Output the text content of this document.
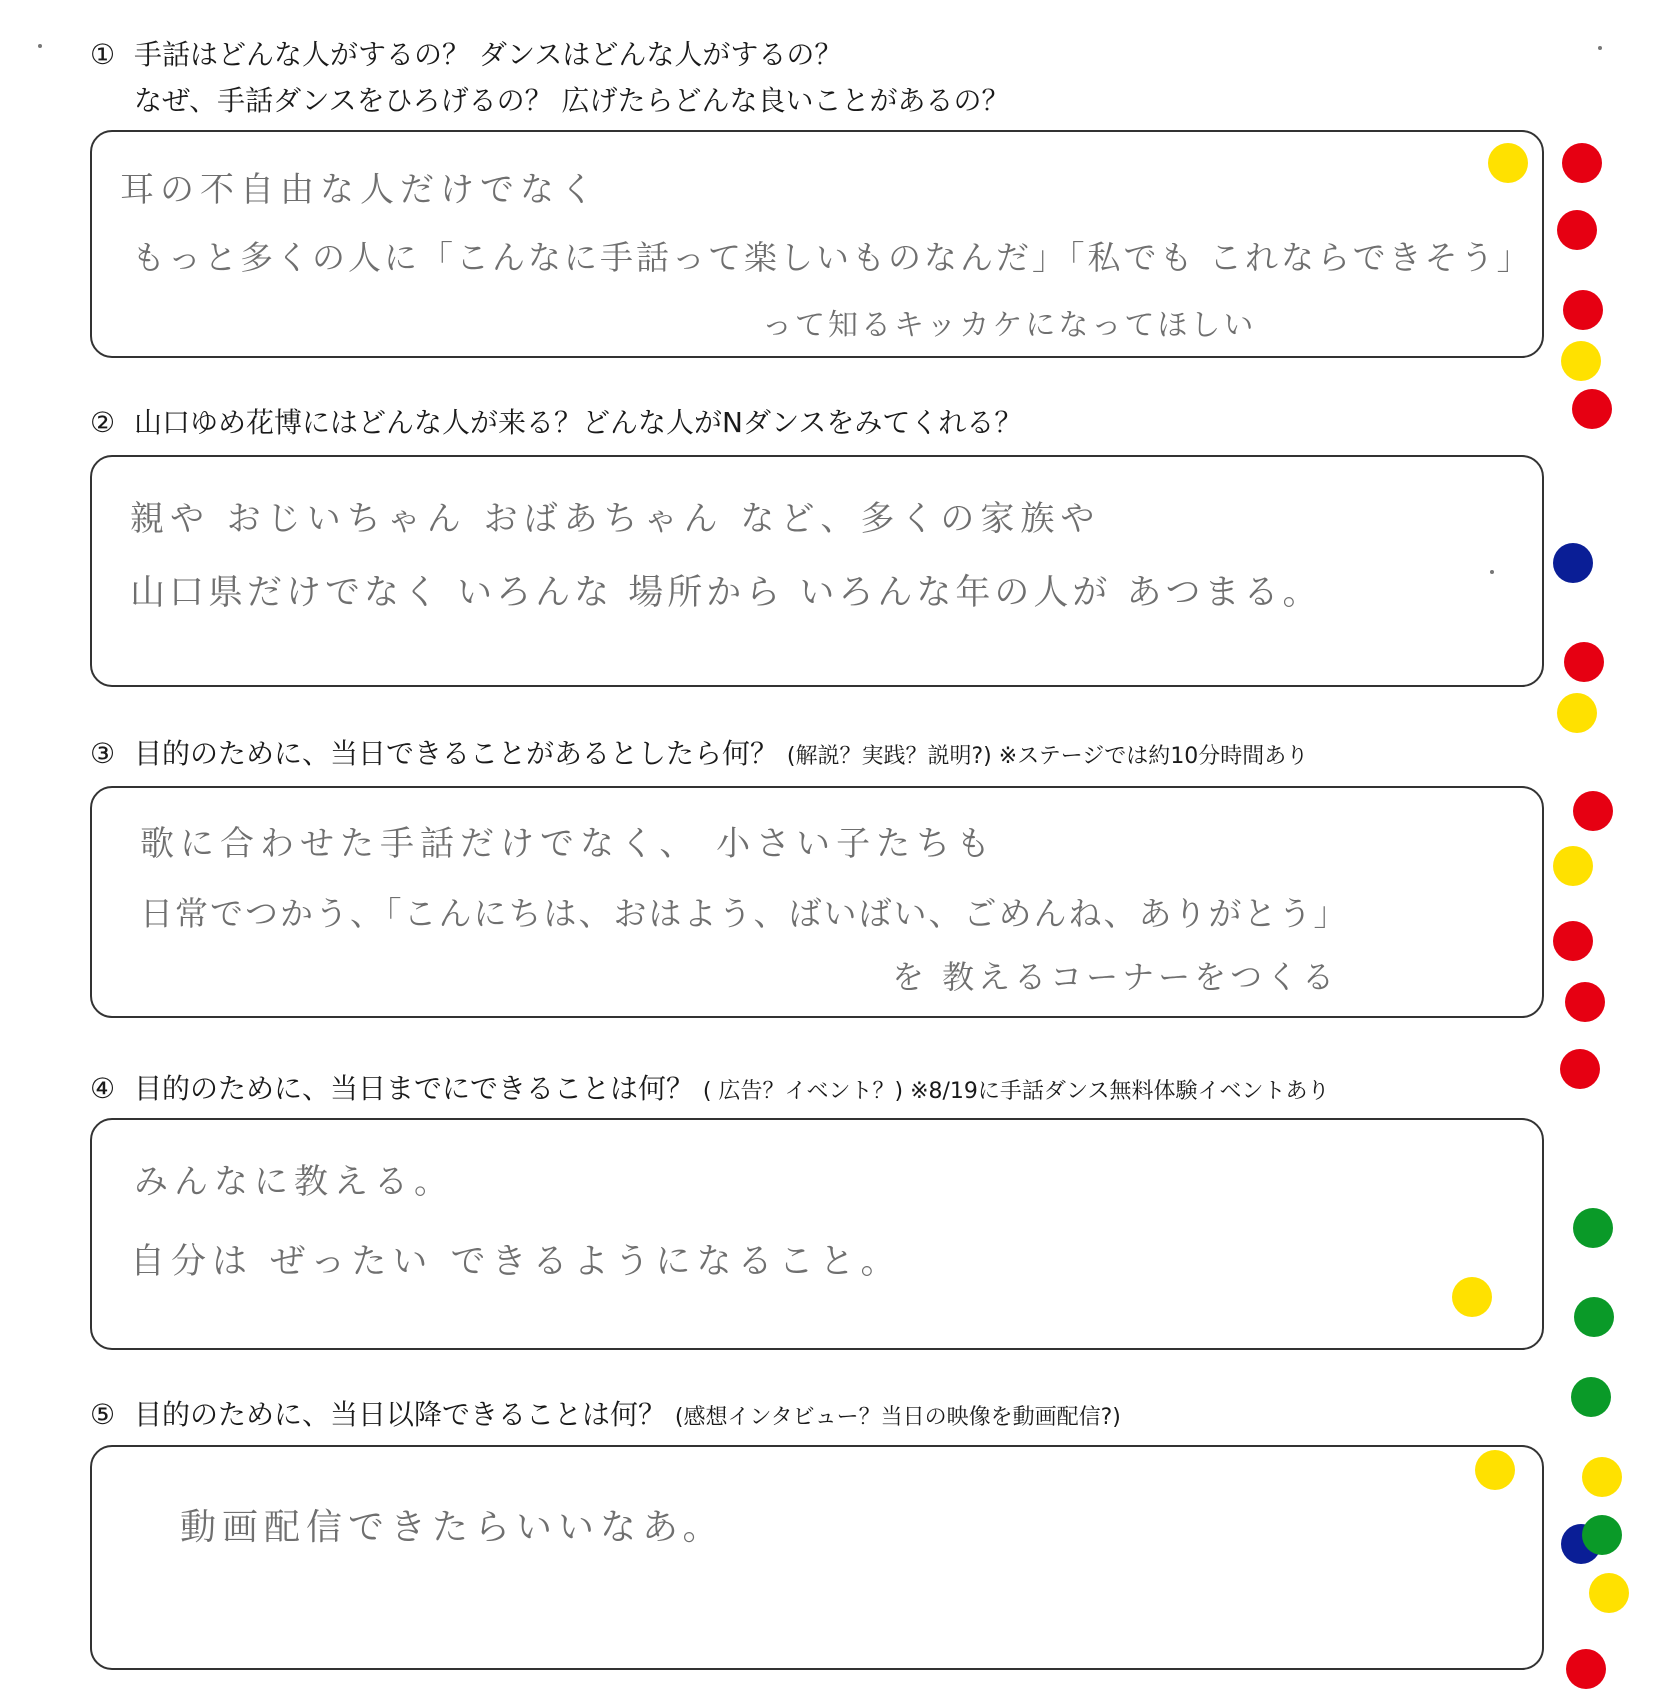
① 手話はどんな人がするの？ ダンスはどんな人がするの？
なぜ、手話ダンスをひろげるの？ 広げたらどんな良いことがあるの？
耳の不自由な人だけでなく
もっと多くの人に「こんなに手話って楽しいものなんだ」「私でも これならできそう」
って知るキッカケになってほしい
② 山口ゆめ花博にはどんな人が来る？どんな人がNダンスをみてくれる？
親や おじいちゃん おばあちゃん など、多くの家族や
山口県だけでなく いろんな 場所から いろんな年の人が あつまる。
③ 目的のために、当日できることがあるとしたら何？ (解説？実践？説明?) ※ステージでは約10分時間あり
歌に合わせた手話だけでなく、 小さい子たちも
日常でつかう、「こんにちは、おはよう、ばいばい、ごめんね、ありがとう」
を 教えるコーナーをつくる
④ 目的のために、当日までにできることは何？ ( 広告？イベント？) ※8/19に手話ダンス無料体験イベントあり
みんなに教える。
自分は ぜったい できるようになること。
⑤ 目的のために、当日以降できることは何？ (感想インタビュー？当日の映像を動画配信?)
動画配信できたらいいなあ。
